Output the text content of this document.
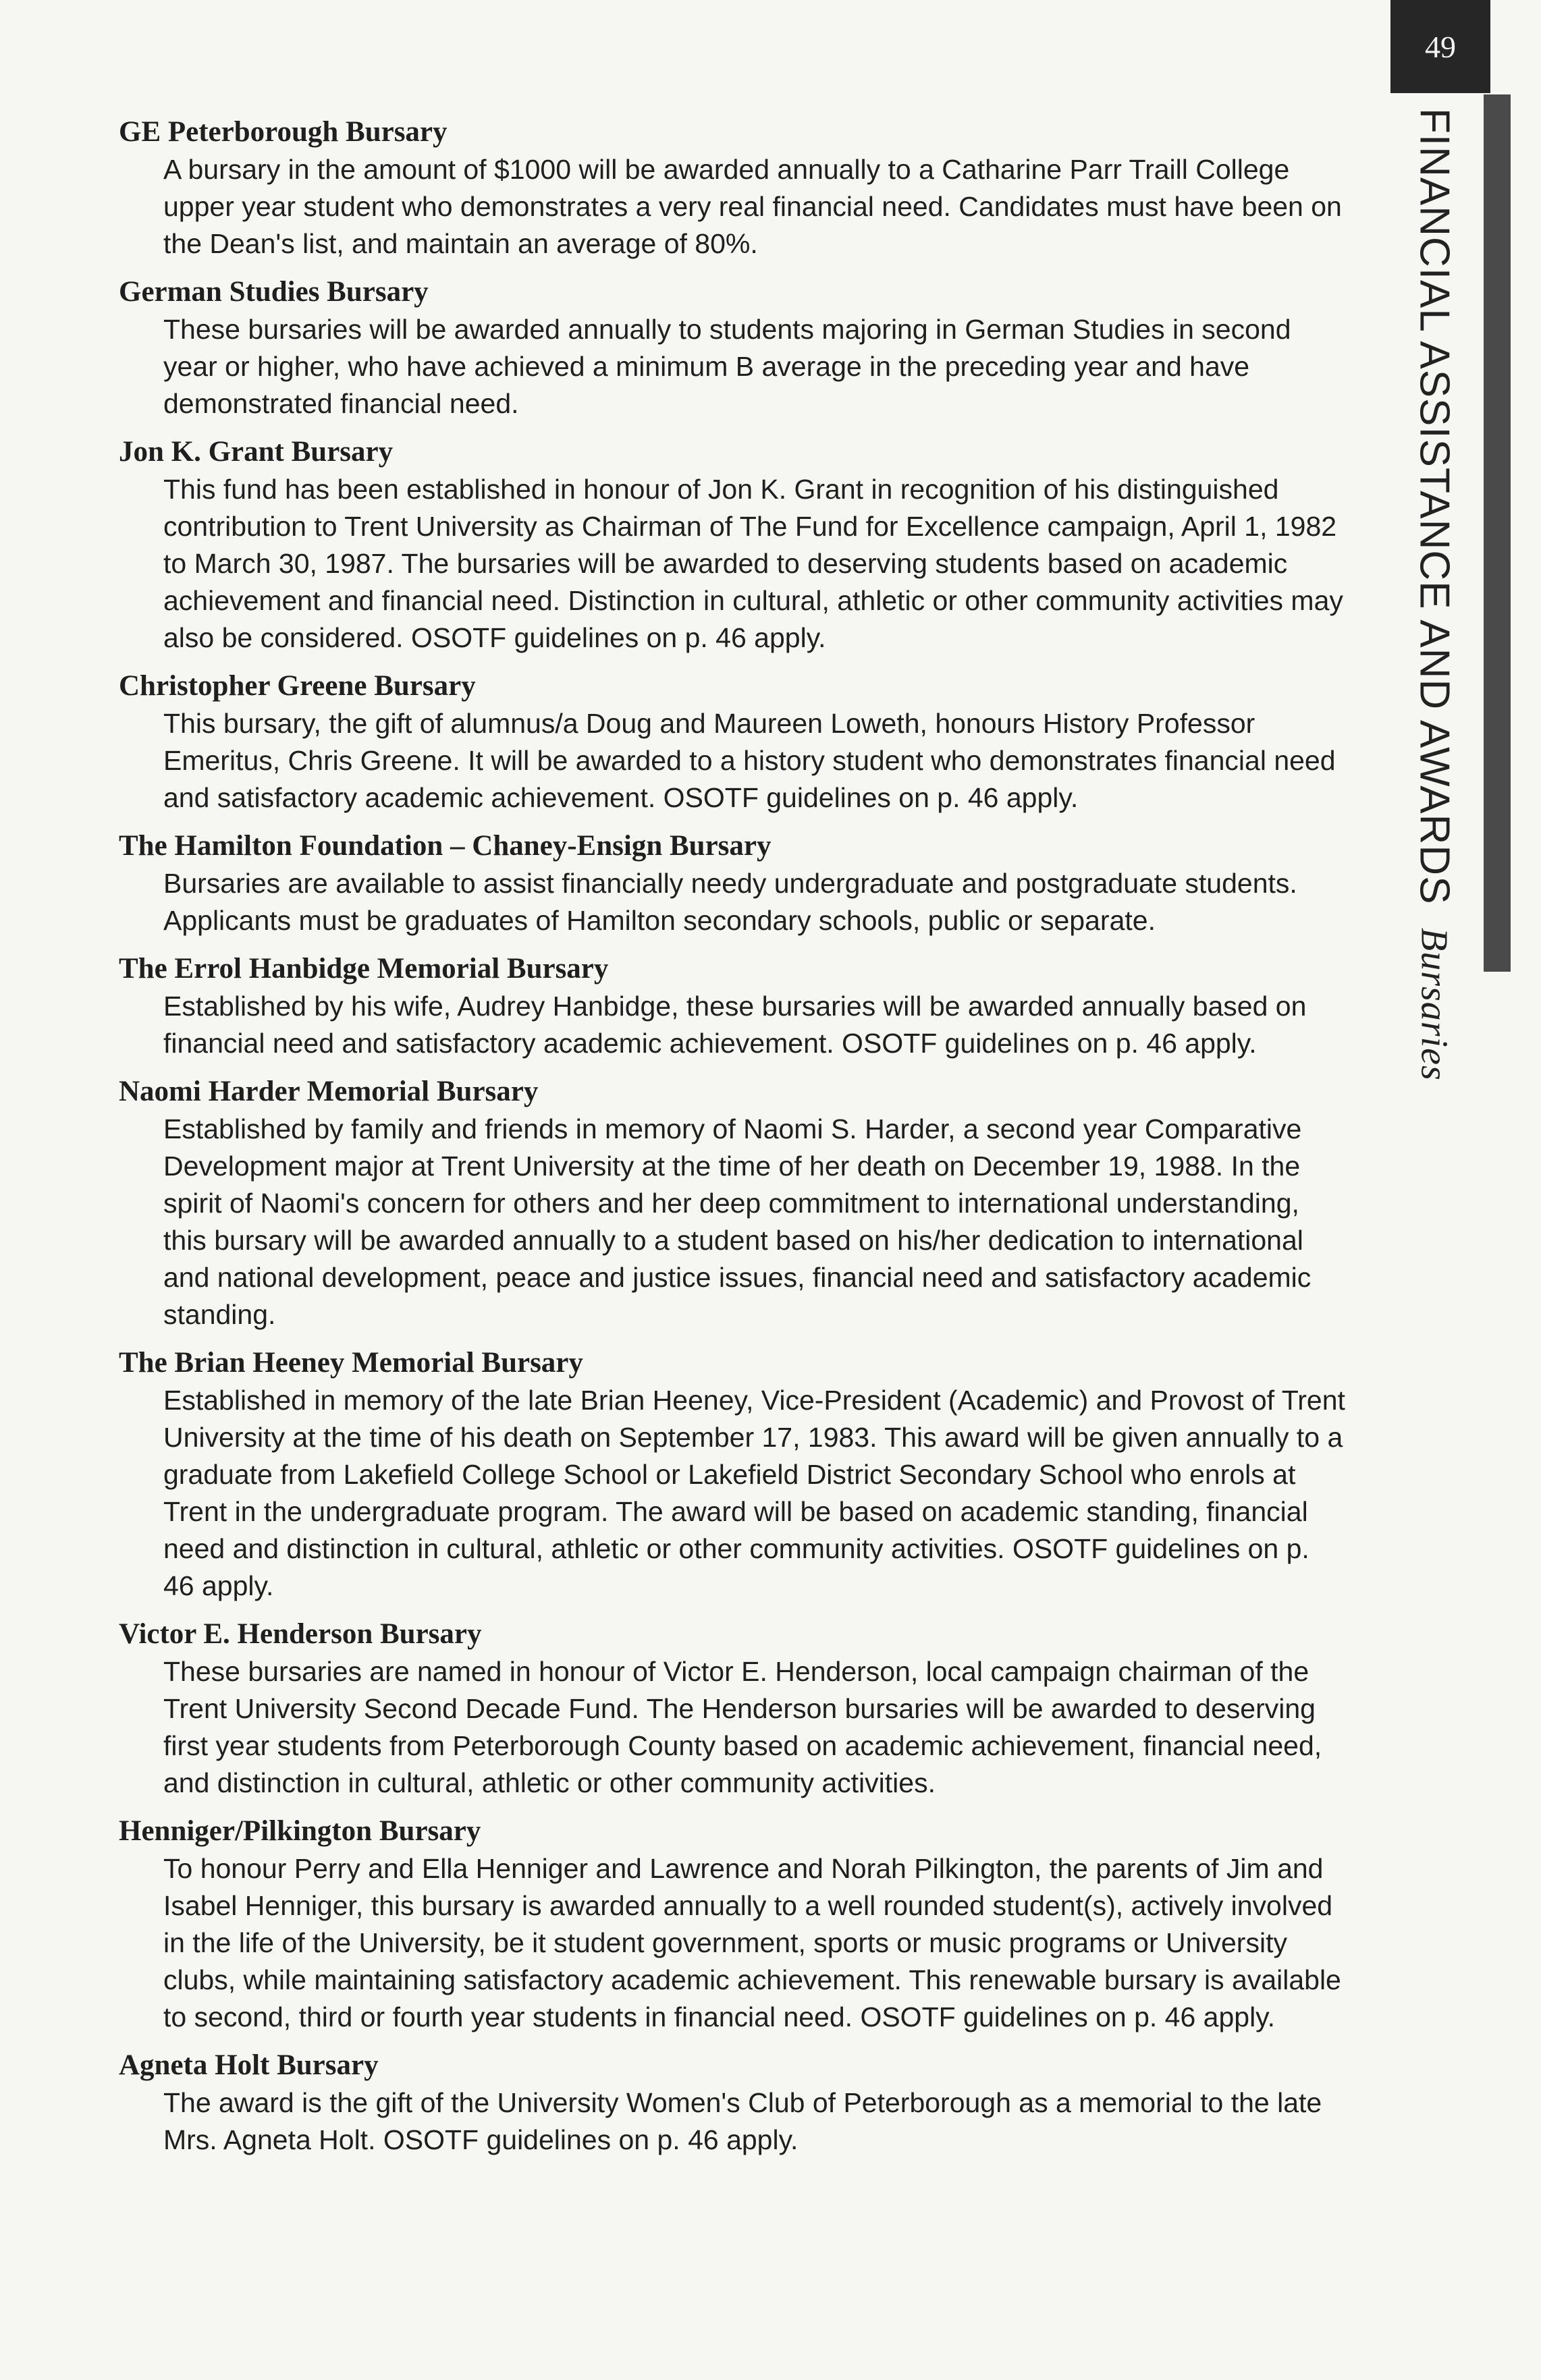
49
FINANCIAL ASSISTANCE AND AWARDSBursaries

GE Peterborough Bursary

A bursary in the amount of $1000 will be awarded annually to a Catharine Parr Traill College upper year student who demonstrates a very real financial need. Candidates must have been on the Dean's list, and maintain an average of 80%.

German Studies Bursary

These bursaries will be awarded annually to students majoring in German Studies in second year or higher, who have achieved a minimum B average in the preceding year and have demonstrated financial need.

Jon K. Grant Bursary

This fund has been established in honour of Jon K. Grant in recognition of his distinguished contribution to Trent University as Chairman of The Fund for Excellence campaign, April 1, 1982 to March 30, 1987. The bursaries will be awarded to deserving students based on academic achievement and financial need. Distinction in cultural, athletic or other community activities may also be considered. OSOTF guidelines on p. 46 apply.

Christopher Greene Bursary

This bursary, the gift of alumnus/a Doug and Maureen Loweth, honours History Professor Emeritus, Chris Greene. It will be awarded to a history student who demonstrates financial need and satisfactory academic achievement. OSOTF guidelines on p. 46 apply.

The Hamilton Foundation – Chaney-Ensign Bursary

Bursaries are available to assist financially needy undergraduate and postgraduate students. Applicants must be graduates of Hamilton secondary schools, public or separate.

The Errol Hanbidge Memorial Bursary

Established by his wife, Audrey Hanbidge, these bursaries will be awarded annually based on financial need and satisfactory academic achievement. OSOTF guidelines on p. 46 apply.

Naomi Harder Memorial Bursary

Established by family and friends in memory of Naomi S. Harder, a second year Comparative Development major at Trent University at the time of her death on December 19, 1988. In the spirit of Naomi's concern for others and her deep commitment to international understanding, this bursary will be awarded annually to a student based on his/her dedication to international and national development, peace and justice issues, financial need and satisfactory academic standing.

The Brian Heeney Memorial Bursary

Established in memory of the late Brian Heeney, Vice-President (Academic) and Provost of Trent University at the time of his death on September 17, 1983. This award will be given annually to a graduate from Lakefield College School or Lakefield District Secondary School who enrols at Trent in the undergraduate program. The award will be based on academic standing, financial need and distinction in cultural, athletic or other community activities. OSOTF guidelines on p. 46 apply.

Victor E. Henderson Bursary

These bursaries are named in honour of Victor E. Henderson, local campaign chairman of the Trent University Second Decade Fund. The Henderson bursaries will be awarded to deserving first year students from Peterborough County based on academic achievement, financial need, and distinction in cultural, athletic or other community activities.

Henniger/Pilkington Bursary

To honour Perry and Ella Henniger and Lawrence and Norah Pilkington, the parents of Jim and Isabel Henniger, this bursary is awarded annually to a well rounded student(s), actively involved in the life of the University, be it student government, sports or music programs or University clubs, while maintaining satisfactory academic achievement. This renewable bursary is available to second, third or fourth year students in financial need. OSOTF guidelines on p. 46 apply.

Agneta Holt Bursary

The award is the gift of the University Women's Club of Peterborough as a memorial to the late Mrs. Agneta Holt. OSOTF guidelines on p. 46 apply.
